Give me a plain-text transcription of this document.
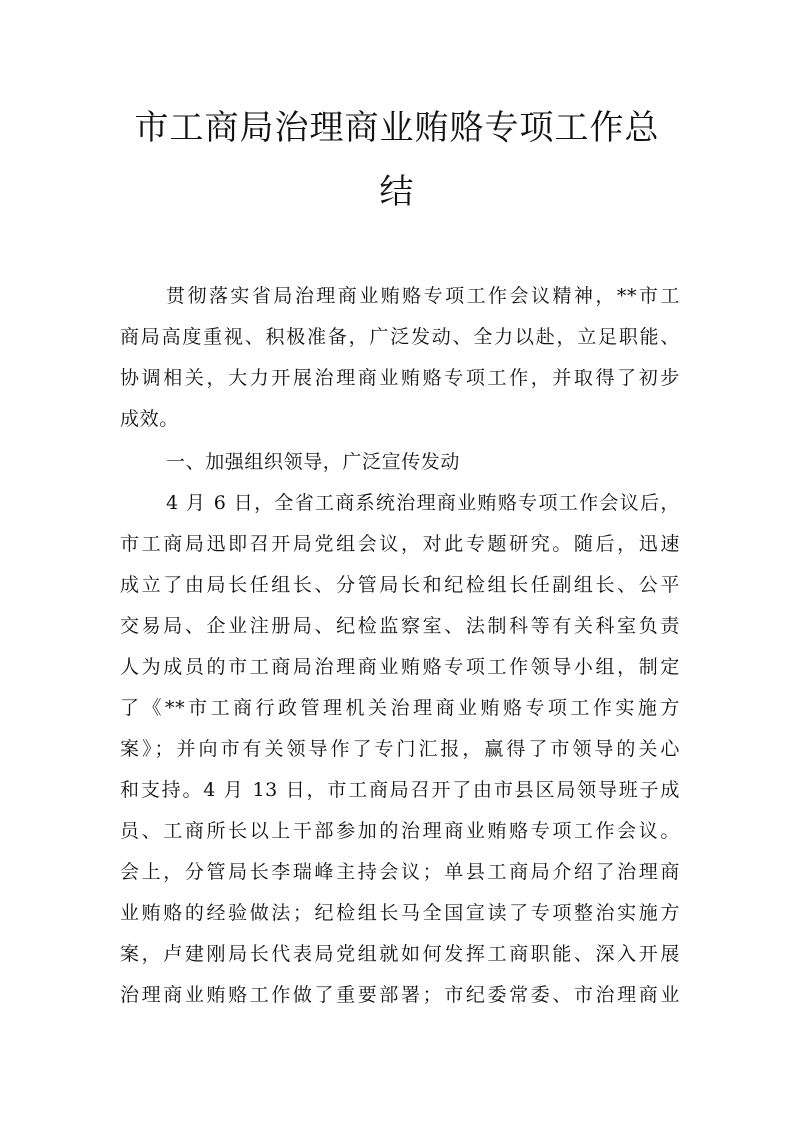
市工商局治理商业贿赂专项工作总
结
贯彻落实省局治理商业贿赂专项工作会议精神，**市工
商局高度重视、积极准备，广泛发动、全力以赴，立足职能、
协调相关，大力开展治理商业贿赂专项工作，并取得了初步
成效。
一、加强组织领导，广泛宣传发动
4 月 6 日，全省工商系统治理商业贿赂专项工作会议后，
市工商局迅即召开局党组会议，对此专题研究。随后，迅速
成立了由局长任组长、分管局长和纪检组长任副组长、公平
交易局、企业注册局、纪检监察室、法制科等有关科室负责
人为成员的市工商局治理商业贿赂专项工作领导小组，制定
了《**市工商行政管理机关治理商业贿赂专项工作实施方
案》；并向市有关领导作了专门汇报，赢得了市领导的关心
和支持。4 月 13 日，市工商局召开了由市县区局领导班子成
员、工商所长以上干部参加的治理商业贿赂专项工作会议。
会上，分管局长李瑞峰主持会议；单县工商局介绍了治理商
业贿赂的经验做法；纪检组长马全国宣读了专项整治实施方
案，卢建刚局长代表局党组就如何发挥工商职能、深入开展
治理商业贿赂工作做了重要部署；市纪委常委、市治理商业
